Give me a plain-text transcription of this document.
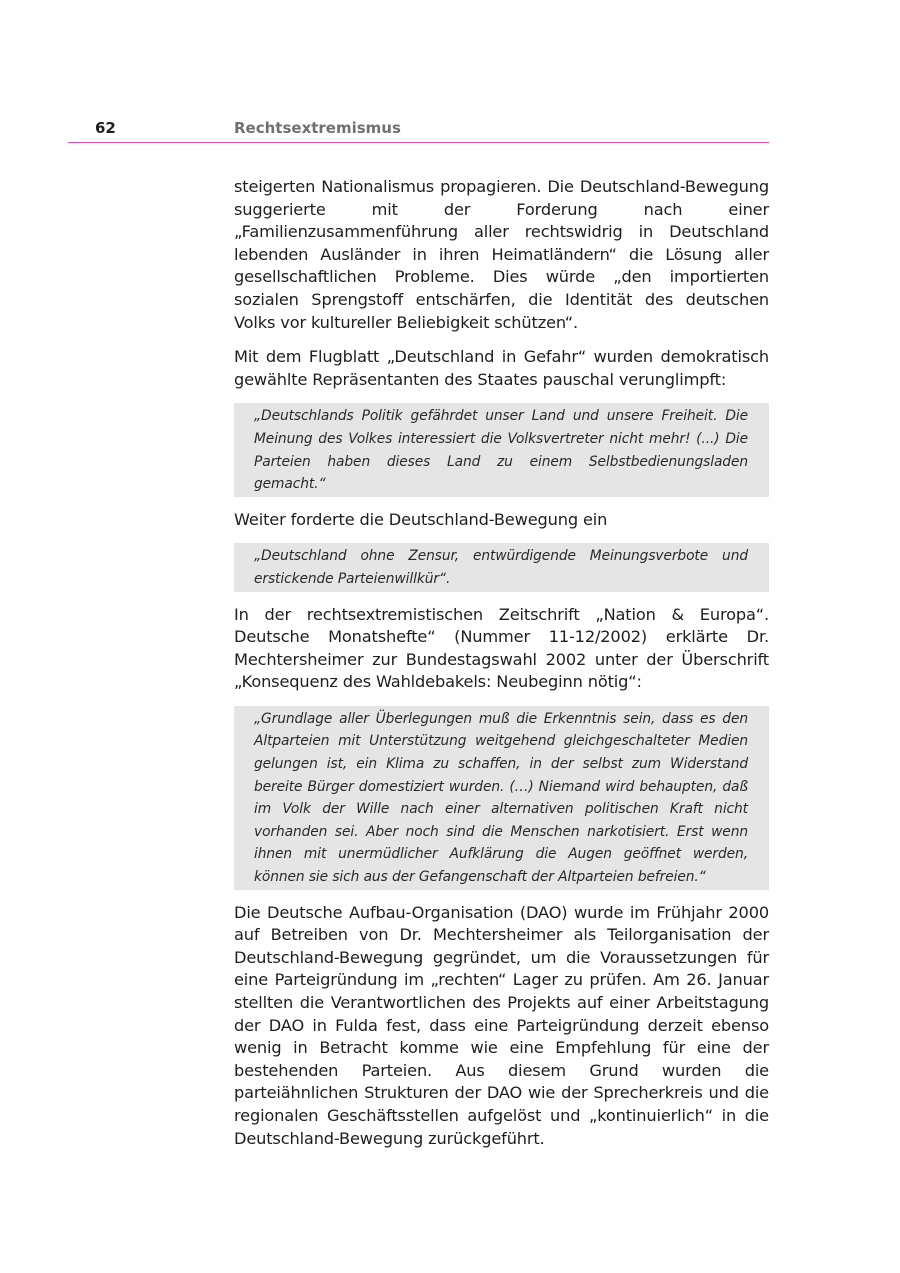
62	Rechtsextremismus

steigerten Nationalismus propagieren. Die Deutschland-Bewegung suggerierte mit der Forderung nach einer „Familienzusammenführung aller rechtswidrig in Deutschland lebenden Ausländer in ihren Heimatländern“ die Lösung aller gesellschaftlichen Probleme. Dies würde „den importierten sozialen Sprengstoff entschärfen, die Identität des deutschen Volks vor kultureller Beliebigkeit schützen“.

Mit dem Flugblatt „Deutschland in Gefahr“ wurden demokratisch gewählte Repräsentanten des Staates pauschal verunglimpft:

„Deutschlands Politik gefährdet unser Land und unsere Freiheit. Die Meinung des Volkes interessiert die Volksvertreter nicht mehr! (...) Die Parteien haben dieses Land zu einem Selbstbedienungsladen gemacht.“

Weiter forderte die Deutschland-Bewegung ein

„Deutschland ohne Zensur, entwürdigende Meinungsverbote und erstickende Parteienwillkür“.

In der rechtsextremistischen Zeitschrift „Nation & Europa“. Deutsche Monatshefte“ (Nummer 11-12/2002) erklärte Dr. Mechtersheimer zur Bundestagswahl 2002 unter der Überschrift „Konsequenz des Wahldebakels: Neubeginn nötig“:

„Grundlage aller Überlegungen muß die Erkenntnis sein, dass es den Altparteien mit Unterstützung weitgehend gleichgeschalteter Medien gelungen ist, ein Klima zu schaffen, in der selbst zum Widerstand bereite Bürger domestiziert wurden. (…) Niemand wird behaupten, daß im Volk der Wille nach einer alternativen politischen Kraft nicht vorhanden sei. Aber noch sind die Menschen narkotisiert. Erst wenn ihnen mit unermüdlicher Aufklärung die Augen geöffnet werden, können sie sich aus der Gefangenschaft der Altparteien befreien.“

Die Deutsche Aufbau-Organisation (DAO) wurde im Frühjahr 2000 auf Betreiben von Dr. Mechtersheimer als Teilorganisation der Deutschland-Bewegung gegründet, um die Voraussetzungen für eine Parteigründung im „rechten“ Lager zu prüfen. Am 26. Januar stellten die Verantwortlichen des Projekts auf einer Arbeitstagung der DAO in Fulda fest, dass eine Parteigründung derzeit ebenso wenig in Betracht komme wie eine Empfehlung für eine der bestehenden Parteien. Aus diesem Grund wurden die parteiähnlichen Strukturen der DAO wie der Sprecherkreis und die regionalen Geschäftsstellen aufgelöst und „kontinuierlich“ in die Deutschland-Bewegung zurückgeführt.
